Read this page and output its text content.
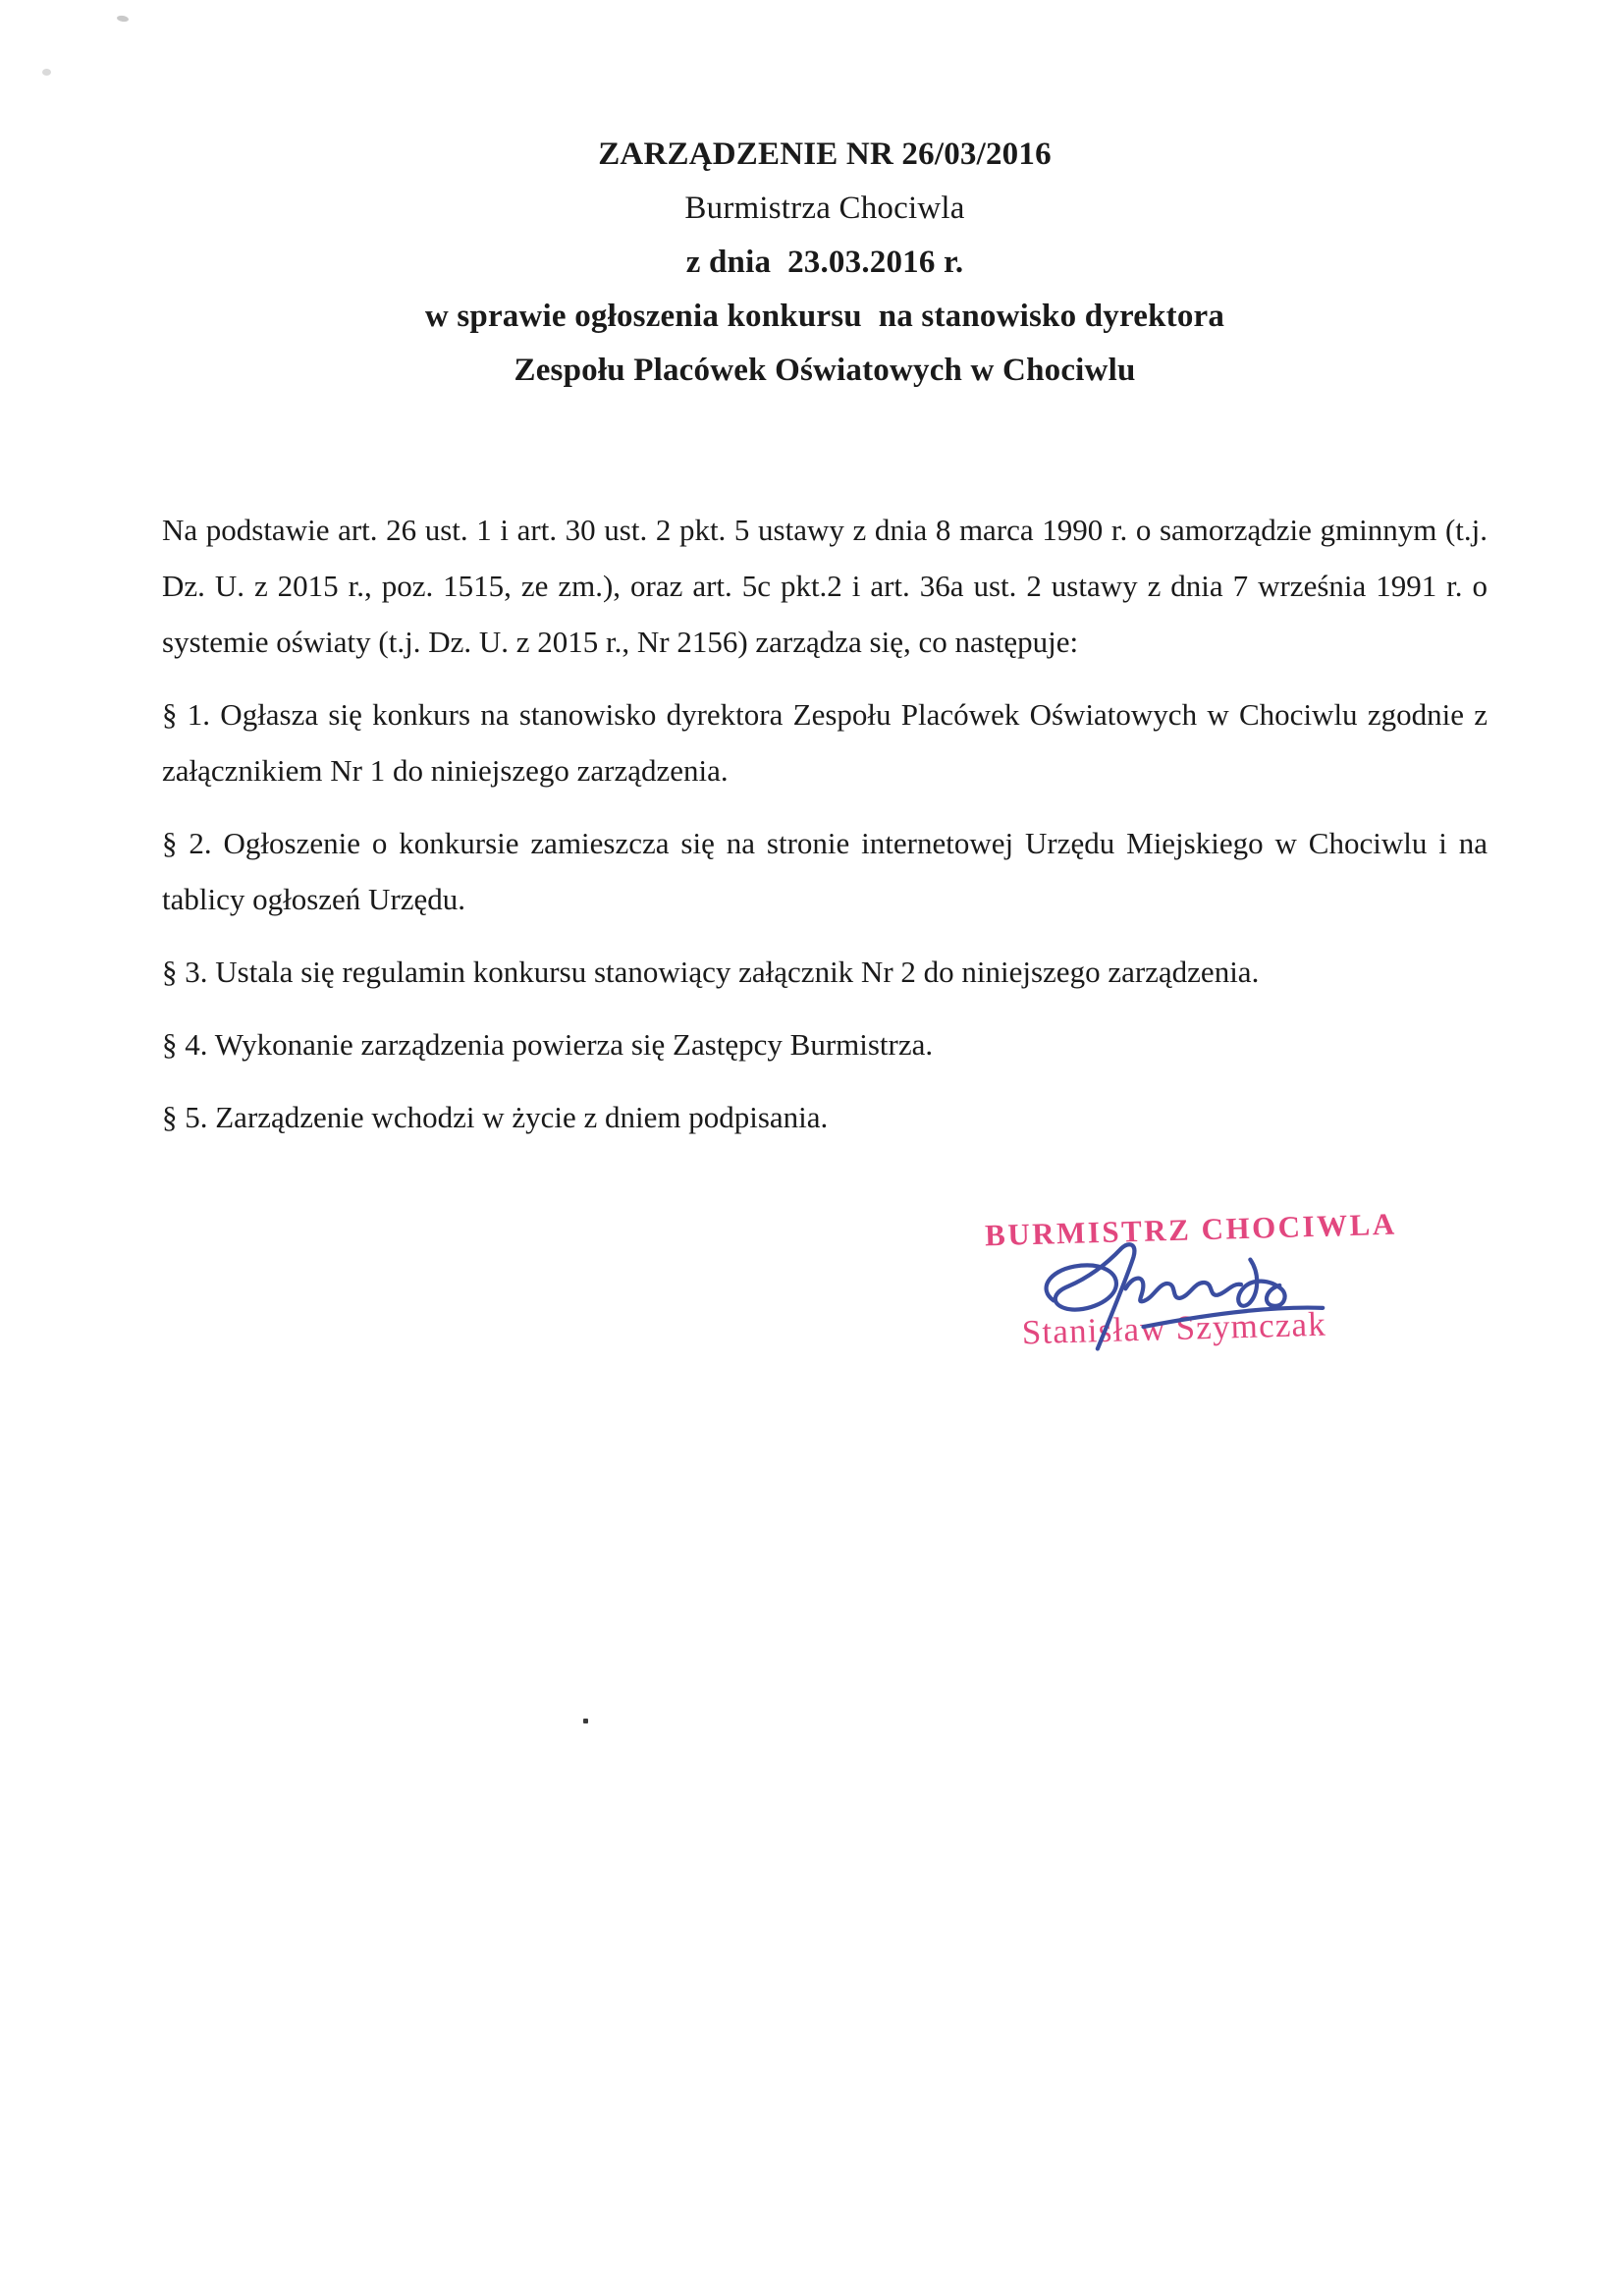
ZARZĄDZENIE NR 26/03/2016
Burmistrza Chociwla
z dnia  23.03.2016 r.
w sprawie ogłoszenia konkursu  na stanowisko dyrektora
Zespołu Placówek Oświatowych w Chociwlu

Na podstawie art. 26 ust. 1 i art. 30 ust. 2 pkt. 5 ustawy z dnia 8 marca 1990 r. o samorządzie gminnym (t.j. Dz. U. z 2015 r., poz. 1515, ze zm.), oraz art. 5c pkt.2 i art. 36a ust. 2 ustawy z dnia 7 września 1991 r. o systemie oświaty (t.j. Dz. U. z 2015 r., Nr 2156) zarządza się, co następuje:

§ 1. Ogłasza się konkurs na stanowisko dyrektora Zespołu Placówek Oświatowych w Chociwlu zgodnie z załącznikiem Nr 1 do niniejszego zarządzenia.

§ 2. Ogłoszenie o konkursie zamieszcza się na stronie internetowej Urzędu Miejskiego w Chociwlu i na tablicy ogłoszeń Urzędu.

§ 3. Ustala się regulamin konkursu stanowiący załącznik Nr 2 do niniejszego zarządzenia.

§ 4. Wykonanie zarządzenia powierza się Zastępcy Burmistrza.

§ 5. Zarządzenie wchodzi w życie z dniem podpisania.

BURMISTRZ CHOCIWLA
Stanisław Szymczak
